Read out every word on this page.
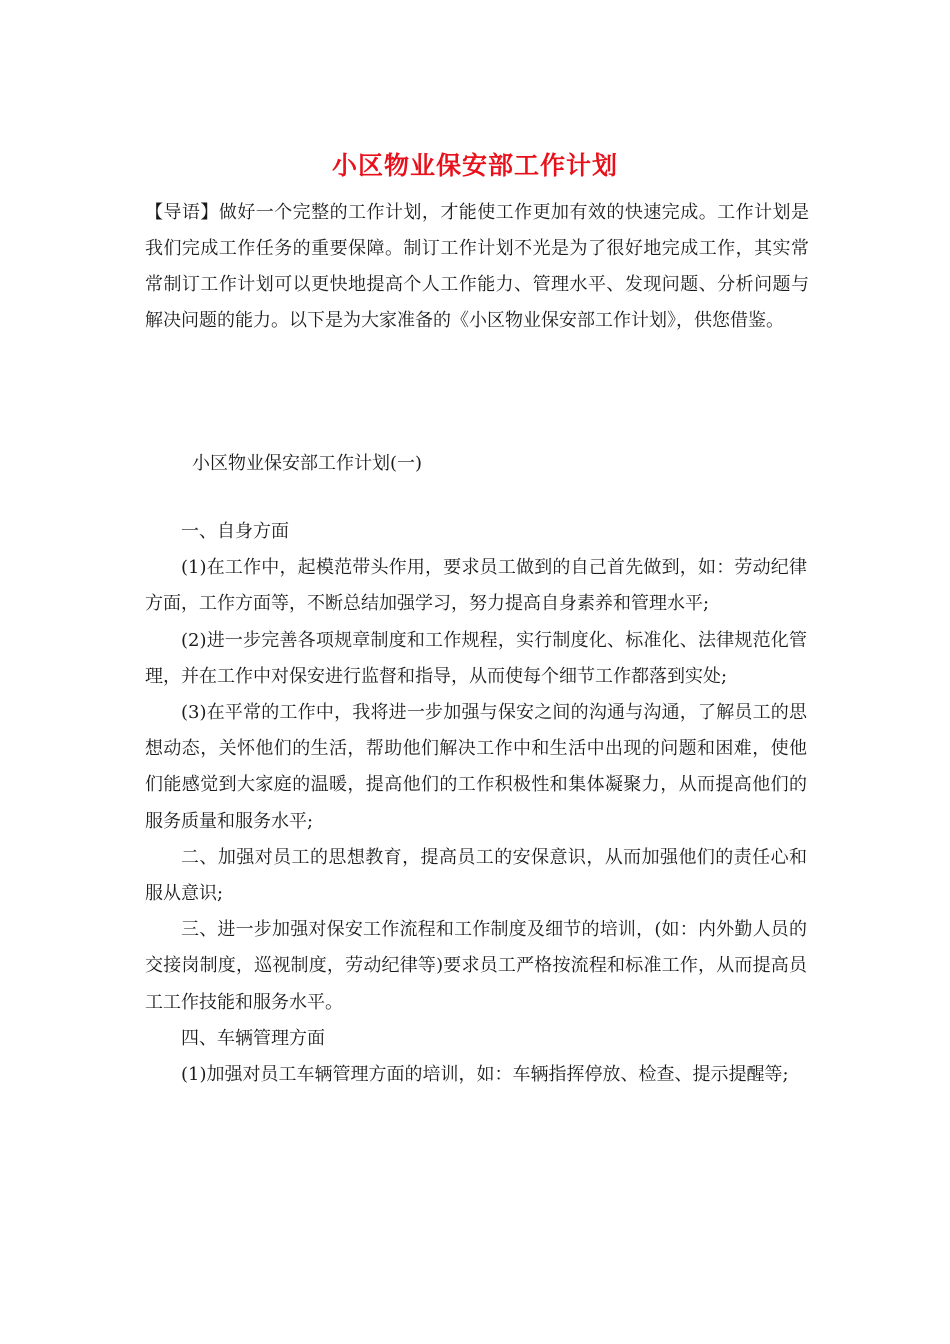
小区物业保安部工作计划
【导语】做好一个完整的工作计划，才能使工作更加有效的快速完成。工作计划是我们完成工作任务的重要保障。制订工作计划不光是为了很好地完成工作，其实常常制订工作计划可以更快地提高个人工作能力、管理水平、发现问题、分析问题与解决问题的能力。以下是为大家准备的《小区物业保安部工作计划》，供您借鉴。
小区物业保安部工作计划(一)

一、自身方面

(1)在工作中，起模范带头作用，要求员工做到的自己首先做到，如：劳动纪律方面，工作方面等，不断总结加强学习，努力提高自身素养和管理水平;

(2)进一步完善各项规章制度和工作规程，实行制度化、标准化、法律规范化管理，并在工作中对保安进行监督和指导，从而使每个细节工作都落到实处;

(3)在平常的工作中，我将进一步加强与保安之间的沟通与沟通，了解员工的思想动态，关怀他们的生活，帮助他们解决工作中和生活中出现的问题和困难，使他们能感觉到大家庭的温暖，提高他们的工作积极性和集体凝聚力，从而提高他们的服务质量和服务水平;

二、加强对员工的思想教育，提高员工的安保意识，从而加强他们的责任心和服从意识;

三、进一步加强对保安工作流程和工作制度及细节的培训，(如：内外勤人员的交接岗制度，巡视制度，劳动纪律等)要求员工严格按流程和标准工作，从而提高员工工作技能和服务水平。

四、车辆管理方面

(1)加强对员工车辆管理方面的培训，如：车辆指挥停放、检查、提示提醒等;
